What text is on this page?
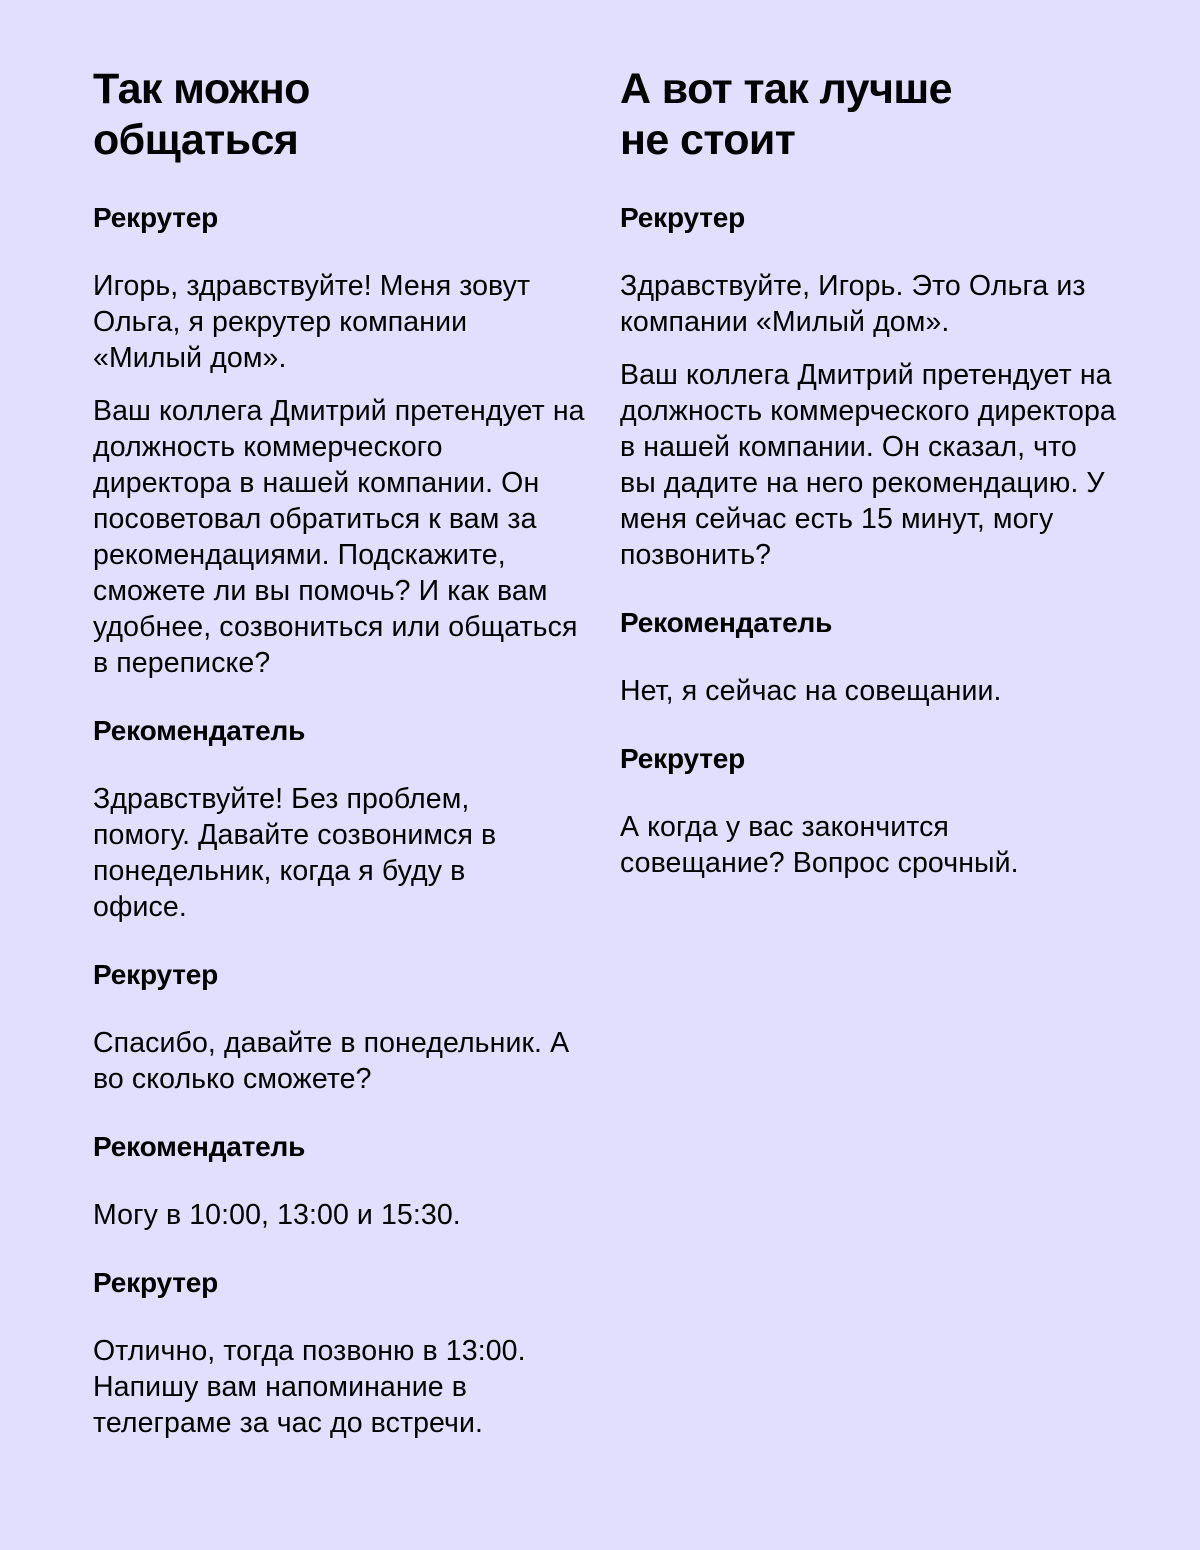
Так можно
общаться

Рекрутер

Игорь, здравствуйте! Меня зовут Ольга, я рекрутер компании «Милый дом».

Ваш коллега Дмитрий претендует на должность коммерческого директора в нашей компании. Он посоветовал обратиться к вам за рекомендациями. Подскажите, сможете ли вы помочь? И как вам удобнее, созвониться или общаться в переписке?

Рекомендатель

Здравствуйте! Без проблем, помогу. Давайте созвонимся в понедельник, когда я буду в офисе.

Рекрутер

Спасибо, давайте в понедельник. А во сколько сможете?

Рекомендатель

Могу в 10:00, 13:00 и 15:30.

Рекрутер

Отлично, тогда позвоню в 13:00. Напишу вам напоминание в телеграме за час до встречи.

А вот так лучше
не стоит

Рекрутер

Здравствуйте, Игорь. Это Ольга из компании «Милый дом».

Ваш коллега Дмитрий претендует на должность коммерческого директора в нашей компании. Он сказал, что вы дадите на него рекомендацию. У меня сейчас есть 15 минут, могу позвонить?

Рекомендатель

Нет, я сейчас на совещании.

Рекрутер

А когда у вас закончится совещание? Вопрос срочный.
